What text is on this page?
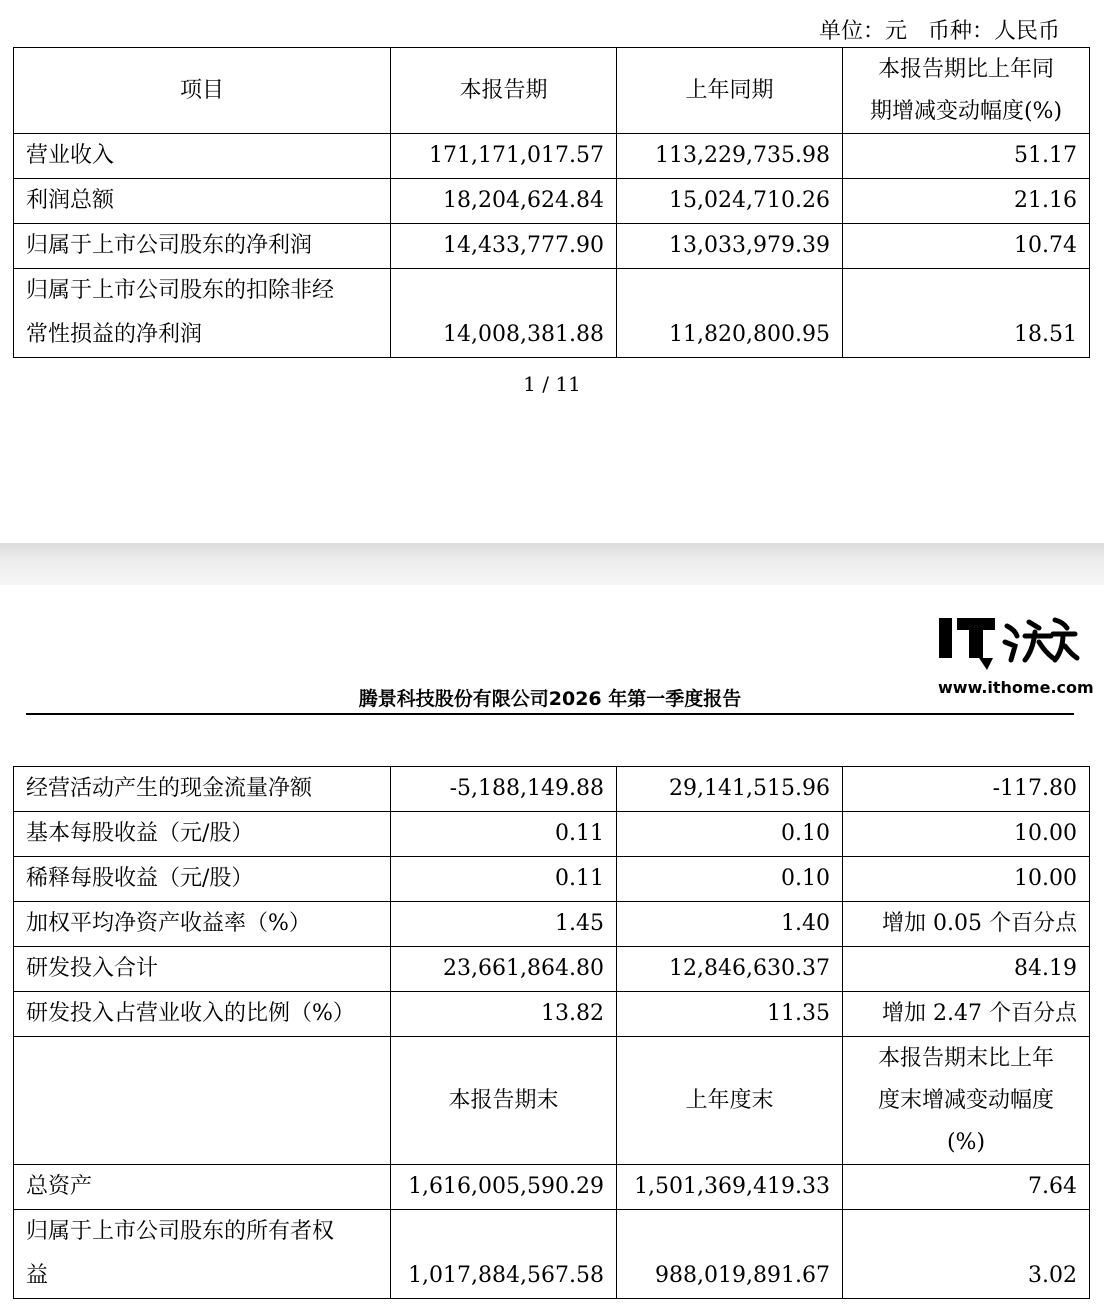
单位：元   币种：人民币
项目	本报告期	上年同期	本报告期比上年同
期增减变动幅度(%)

营业收入	171,171,017.57	113,229,735.98	51.17
利润总额	18,204,624.84	15,024,710.26	21.16
归属于上市公司股东的净利润	14,433,777.90	13,033,979.39	10.74

归属于上市公司股东的扣除非经
常性损益的净利润	14,008,381.88	11,820,800.95	18.51
1 / 11
www.ithome.com
腾景科技股份有限公司2026 年第一季度报告
经营活动产生的现金流量净额	-5,188,149.88	29,141,515.96	-117.80
基本每股收益（元/股）	0.11	0.10	10.00
稀释每股收益（元/股）	0.11	0.10	10.00
加权平均净资产收益率（%）	1.45	1.40	增加 0.05 个百分点
研发投入合计	23,661,864.80	12,846,630.37	84.19
研发投入占营业收入的比例（%）	13.82	11.35	增加 2.47 个百分点
	本报告期末	上年度末	本报告期末比上年
度末增减变动幅度
(%)

总资产	1,616,005,590.29	1,501,369,419.33	7.64

归属于上市公司股东的所有者权
益	1,017,884,567.58	988,019,891.67	3.02
